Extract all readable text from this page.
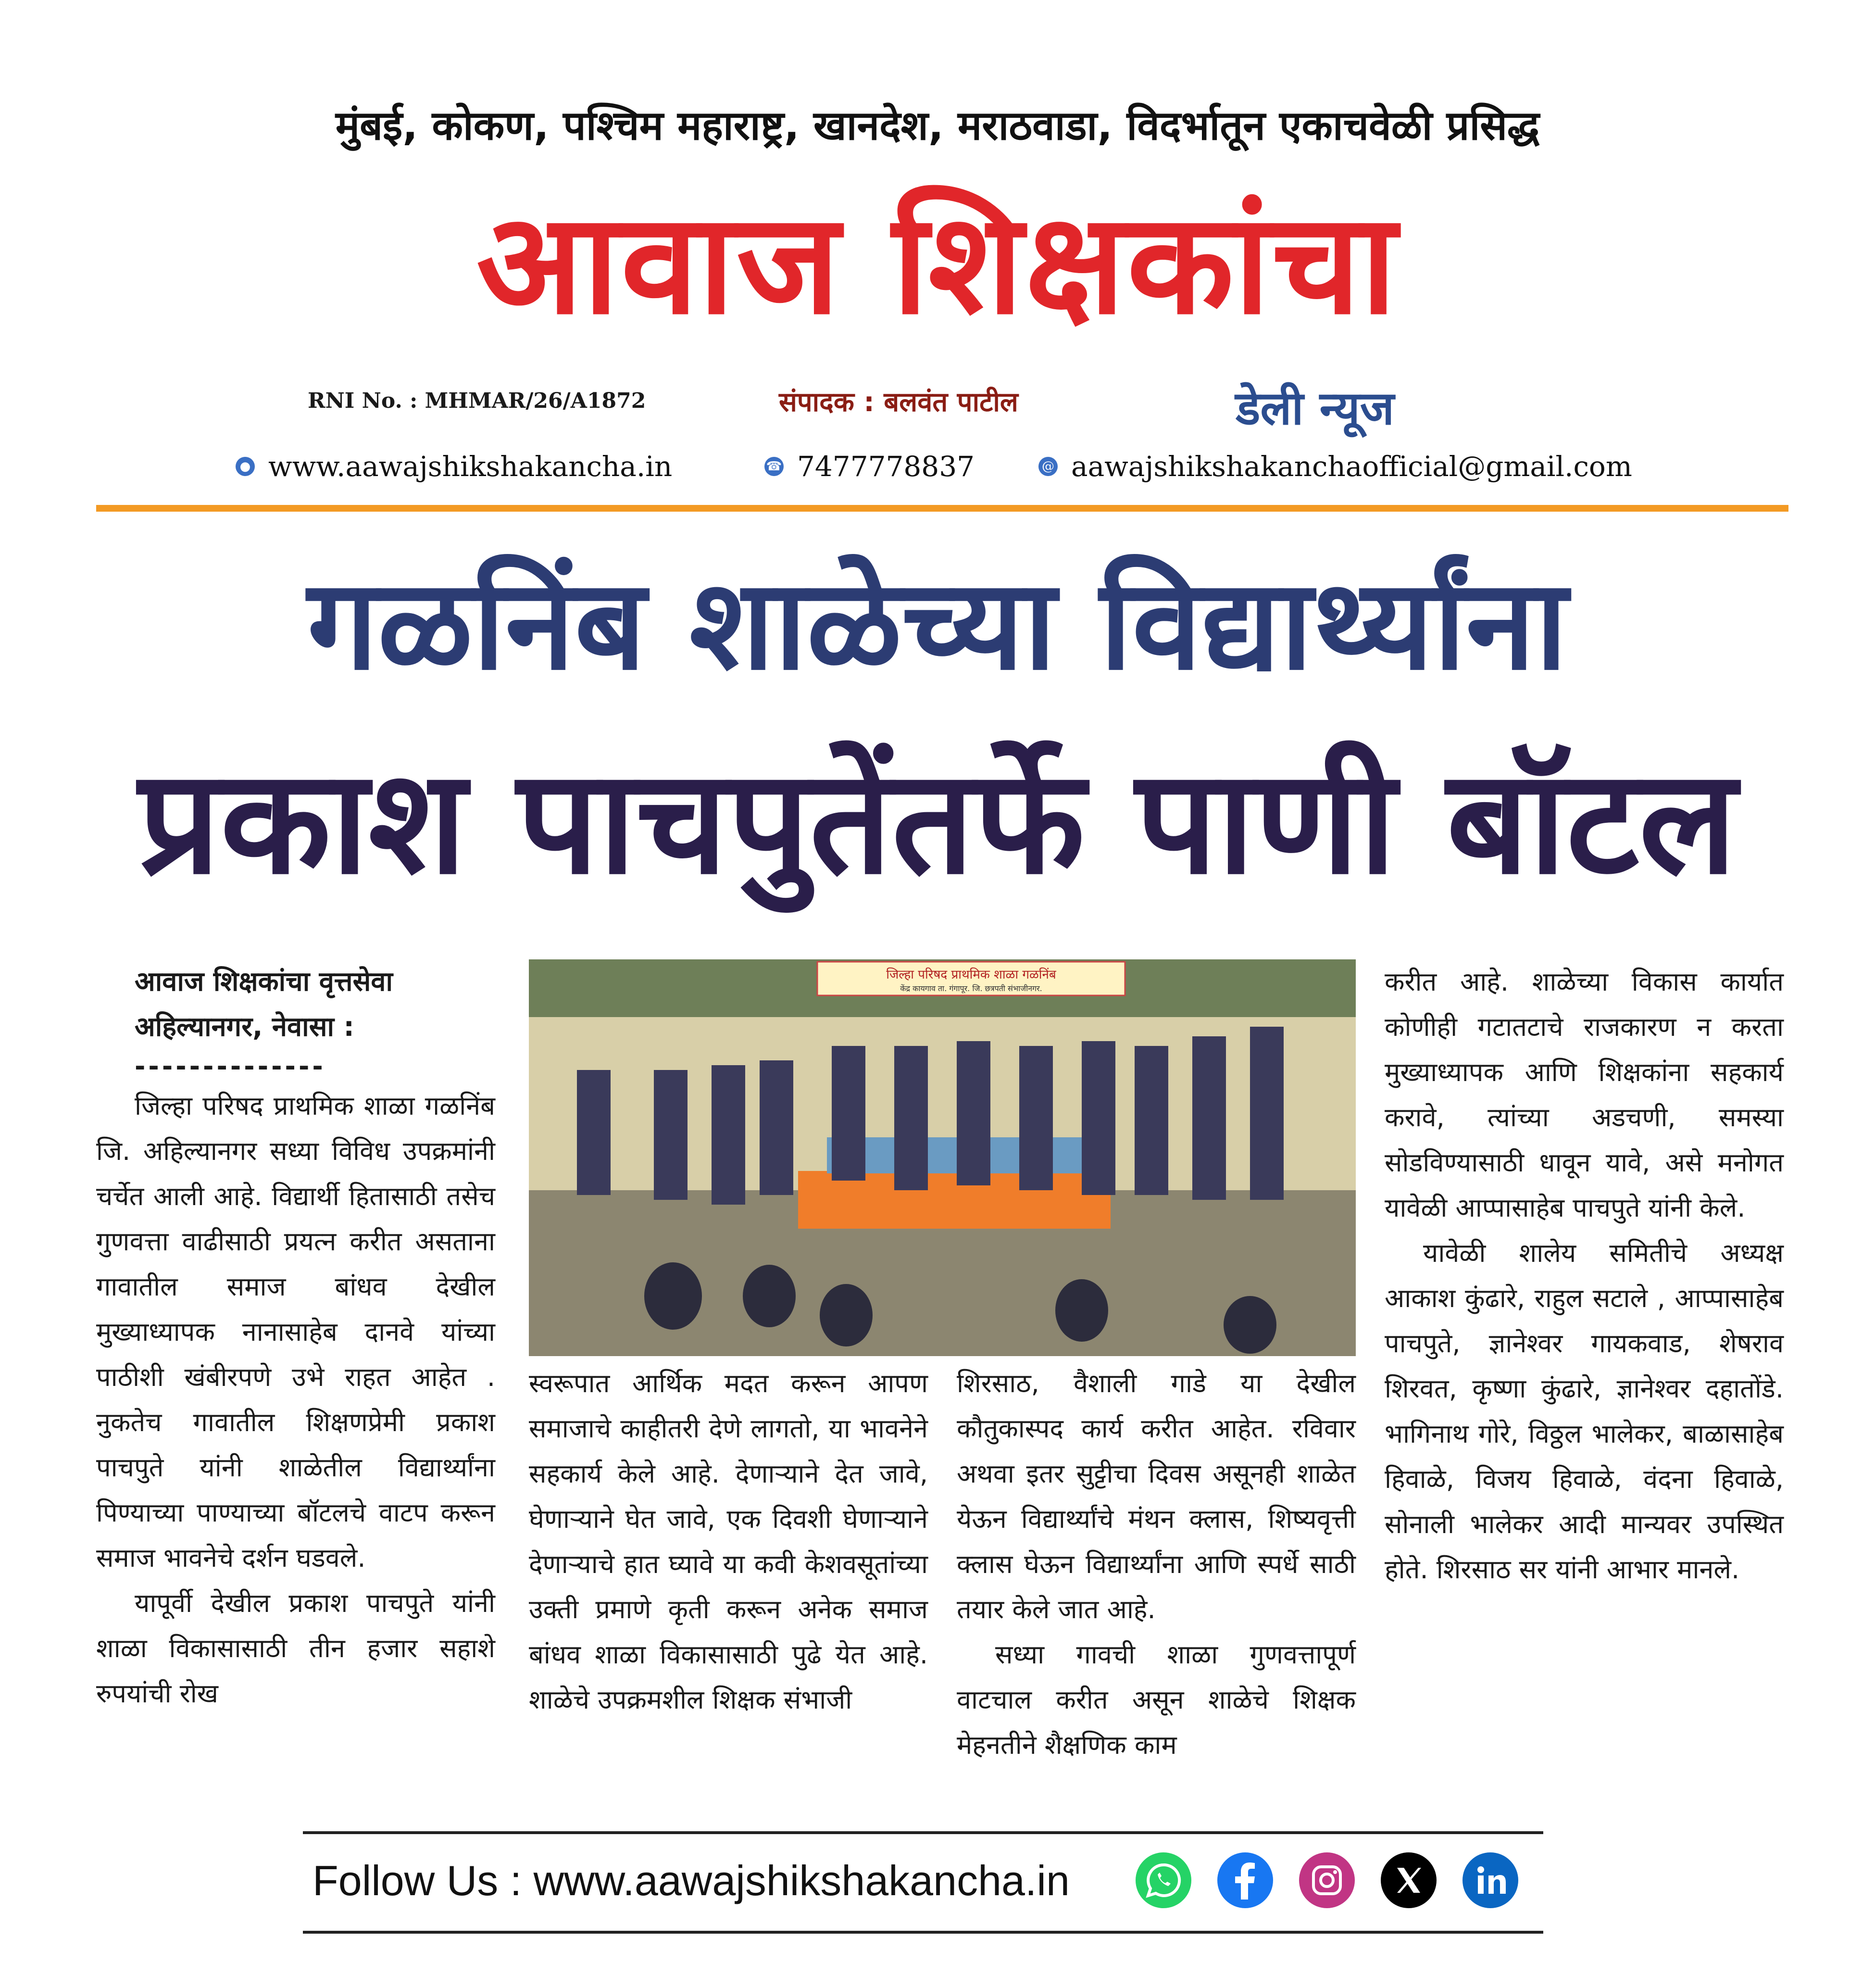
मुंबई, कोकण, पश्चिम महाराष्ट्र, खानदेश, मराठवाडा, विदर्भातून एकाचवेळी प्रसिद्ध
आवाज शिक्षकांचा
RNI No. : MHMAR/26/A1872	संपादक : बलवंत पाटील	डेली न्यूज
● www.aawajshikshakancha.in	☎ 7477778837	@ aawajshikshakanchaofficial@gmail.com
गळनिंब शाळेच्या विद्यार्थ्यांना
प्रकाश पाचपुतेंतर्फे पाणी बॉटल
आवाज शिक्षकांचा वृत्तसेवा
अहिल्यानगर, नेवासा :
--------------

जिल्हा परिषद प्राथमिक शाळा गळनिंब जि. अहिल्यानगर सध्या विविध उपक्रमांनी चर्चेत आली आहे. विद्यार्थी हितासाठी तसेच गुणवत्ता वाढीसाठी प्रयत्न करीत असताना गावातील समाज बांधव देखील मुख्याध्यापक नानासाहेब दानवे यांच्या पाठीशी खंबीरपणे उभे राहत आहेत . नुकतेच गावातील शिक्षणप्रेमी प्रकाश पाचपुते यांनी शाळेतील विद्यार्थ्यांना पिण्याच्या पाण्याच्या बॉटलचे वाटप करून समाज भावनेचे दर्शन घडवले.

यापूर्वी देखील प्रकाश पाचपुते यांनी शाळा विकासासाठी तीन हजार सहाशे रुपयांची रोख

जिल्हा परिषद प्राथमिक शाळा गळनिंब
केंद्र कायगाव ता. गंगापूर. जि. छत्रपती संभाजीनगर.

स्वरूपात आर्थिक मदत करून आपण समाजाचे काहीतरी देणे लागतो, या भावनेने सहकार्य केले आहे. देणाऱ्याने देत जावे, घेणाऱ्याने घेत जावे, एक दिवशी घेणाऱ्याने देणाऱ्याचे हात घ्यावे या कवी केशवसूतांच्या उक्ती प्रमाणे कृती करून अनेक समाज बांधव शाळा विकासासाठी पुढे येत आहे. शाळेचे उपक्रमशील शिक्षक संभाजी

शिरसाठ, वैशाली गाडे या देखील कौतुकास्पद कार्य करीत आहेत. रविवार अथवा इतर सुट्टीचा दिवस असूनही शाळेत येऊन विद्यार्थ्यांचे मंथन क्लास, शिष्यवृत्ती क्लास घेऊन विद्यार्थ्यांना आणि स्पर्धे साठी तयार केले जात आहे.

सध्या गावची शाळा गुणवत्तापूर्ण वाटचाल करीत असून शाळेचे शिक्षक मेहनतीने शैक्षणिक काम

करीत आहे. शाळेच्या विकास कार्यात कोणीही गटातटाचे राजकारण न करता मुख्याध्यापक आणि शिक्षकांना सहकार्य करावे, त्यांच्या अडचणी, समस्या सोडविण्यासाठी धावून यावे, असे मनोगत यावेळी आप्पासाहेब पाचपुते यांनी केले.

यावेळी शालेय समितीचे अध्यक्ष आकाश कुंढारे, राहुल सटाले , आप्पासाहेब पाचपुते, ज्ञानेश्वर गायकवाड, शेषराव शिरवत, कृष्णा कुंढारे, ज्ञानेश्वर दहातोंडे. भागिनाथ गोरे, विठ्ठल भालेकर, बाळासाहेब हिवाळे, विजय हिवाळे, वंदना हिवाळे, सोनाली भालेकर आदी मान्यवर उपस्थित होते. शिरसाठ सर यांनी आभार मानले.

Follow Us : www.aawajshikshakancha.in
